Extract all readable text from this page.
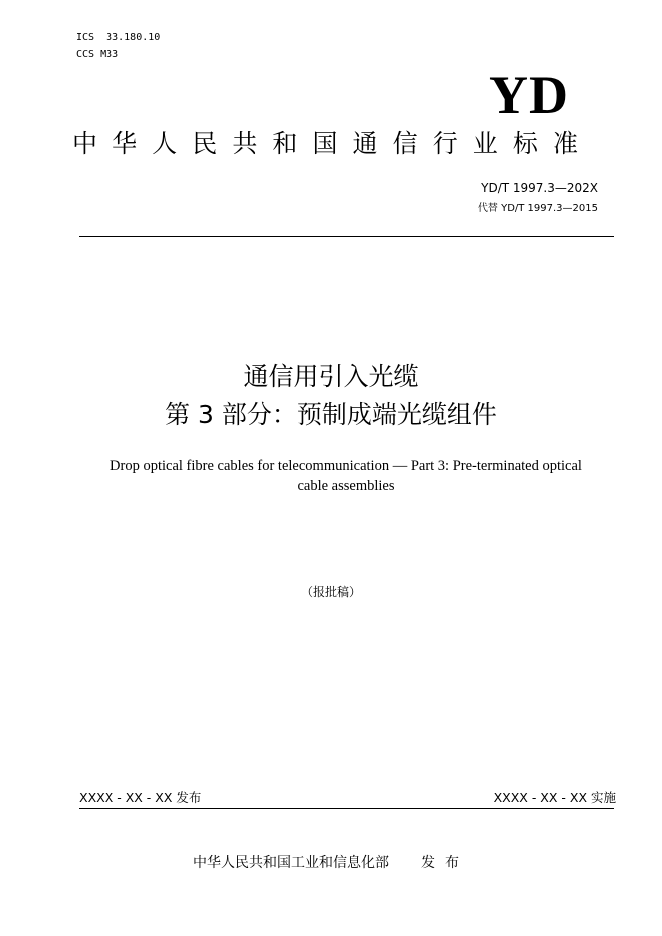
ICS  33.180.10
CCS M33
YD
中 华 人 民 共 和 国 通 信 行 业 标 准
YD/T 1997.3—202X
代替 YD/T 1997.3—2015
通信用引入光缆
第 3 部分：预制成端光缆组件
Drop optical fibre cables for telecommunication — Part 3: Pre-terminated optical
cable assemblies
（报批稿）
XXXX - XX - XX 发布	XXXX - XX - XX 实施
中华人民共和国工业和信息化部 发布
